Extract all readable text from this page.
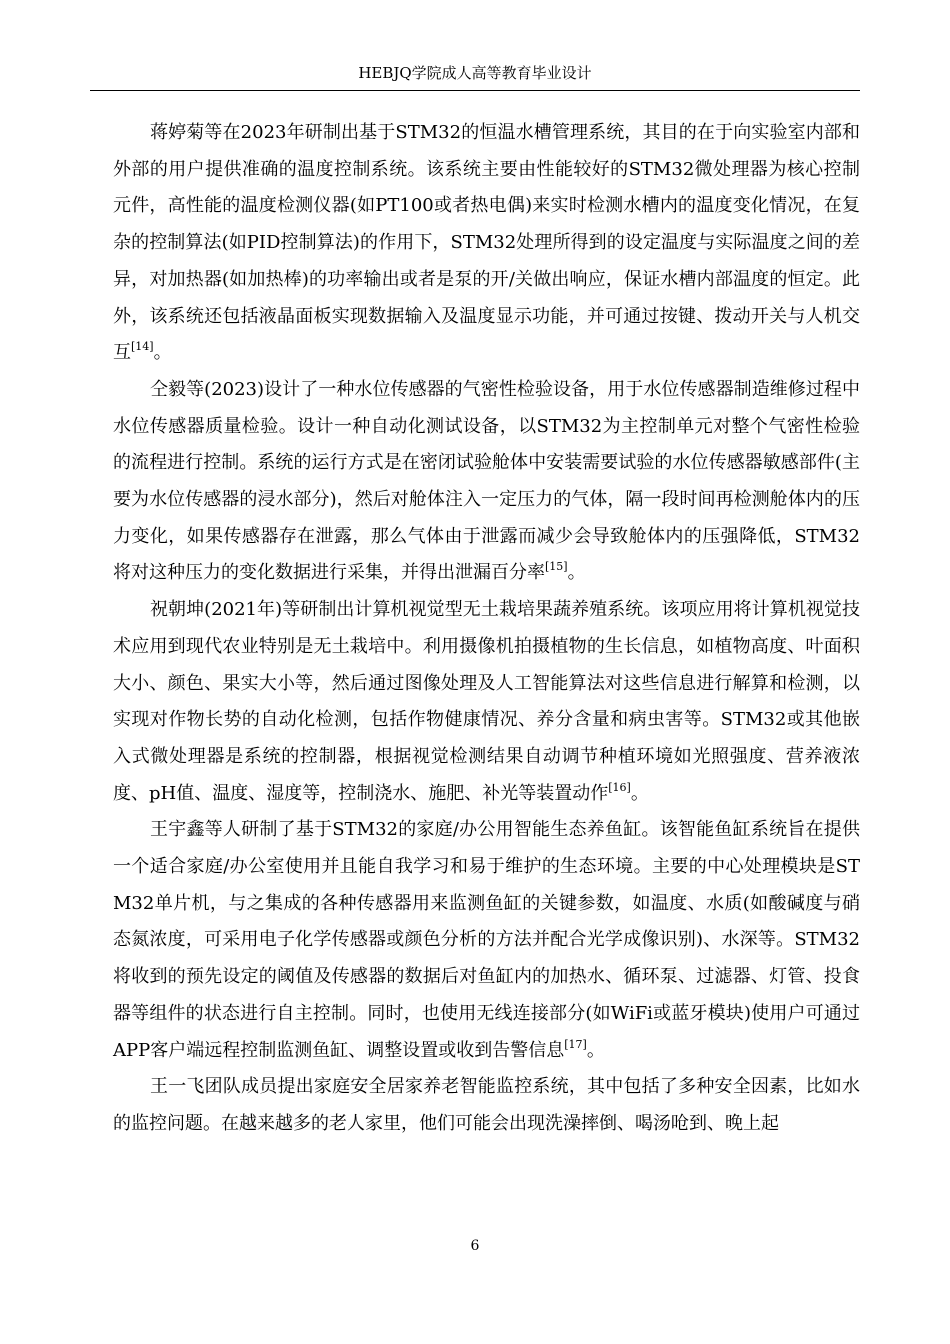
HEBJQ学院成人高等教育毕业设计

蒋婷菊等在2023年研制出基于STM32的恒温水槽管理系统，其目的在于向实验室内部和外部的用户提供准确的温度控制系统。该系统主要由性能较好的STM32微处理器为核心控制元件，高性能的温度检测仪器(如PT100或者热电偶)来实时检测水槽内的温度变化情况，在复杂的控制算法(如PID控制算法)的作用下，STM32处理所得到的设定温度与实际温度之间的差异，对加热器(如加热棒)的功率输出或者是泵的开/关做出响应，保证水槽内部温度的恒定。此外，该系统还包括液晶面板实现数据输入及温度显示功能，并可通过按键、拨动开关与人机交互[14]。

仝毅等(2023)设计了一种水位传感器的气密性检验设备，用于水位传感器制造维修过程中水位传感器质量检验。设计一种自动化测试设备，以STM32为主控制单元对整个气密性检验的流程进行控制。系统的运行方式是在密闭试验舱体中安装需要试验的水位传感器敏感部件(主要为水位传感器的浸水部分)，然后对舱体注入一定压力的气体，隔一段时间再检测舱体内的压力变化，如果传感器存在泄露，那么气体由于泄露而减少会导致舱体内的压强降低，STM32将对这种压力的变化数据进行采集，并得出泄漏百分率[15]。

祝朝坤(2021年)等研制出计算机视觉型无土栽培果蔬养殖系统。该项应用将计算机视觉技术应用到现代农业特别是无土栽培中。利用摄像机拍摄植物的生长信息，如植物高度、叶面积大小、颜色、果实大小等，然后通过图像处理及人工智能算法对这些信息进行解算和检测，以实现对作物长势的自动化检测，包括作物健康情况、养分含量和病虫害等。STM32或其他嵌入式微处理器是系统的控制器，根据视觉检测结果自动调节种植环境如光照强度、营养液浓度、pH值、温度、湿度等，控制浇水、施肥、补光等装置动作[16]。

王宇鑫等人研制了基于STM32的家庭/办公用智能生态养鱼缸。该智能鱼缸系统旨在提供一个适合家庭/办公室使用并且能自我学习和易于维护的生态环境。主要的中心处理模块是STM32单片机，与之集成的各种传感器用来监测鱼缸的关键参数，如温度、水质(如酸碱度与硝态氮浓度，可采用电子化学传感器或颜色分析的方法并配合光学成像识别)、水深等。STM32将收到的预先设定的阈值及传感器的数据后对鱼缸内的加热水、循环泵、过滤器、灯管、投食器等组件的状态进行自主控制。同时，也使用无线连接部分(如WiFi或蓝牙模块)使用户可通过APP客户端远程控制监测鱼缸、调整设置或收到告警信息[17]。

王一飞团队成员提出家庭安全居家养老智能监控系统，其中包括了多种安全因素，比如水的监控问题。在越来越多的老人家里，他们可能会出现洗澡摔倒、喝汤呛到、晚上起

6
